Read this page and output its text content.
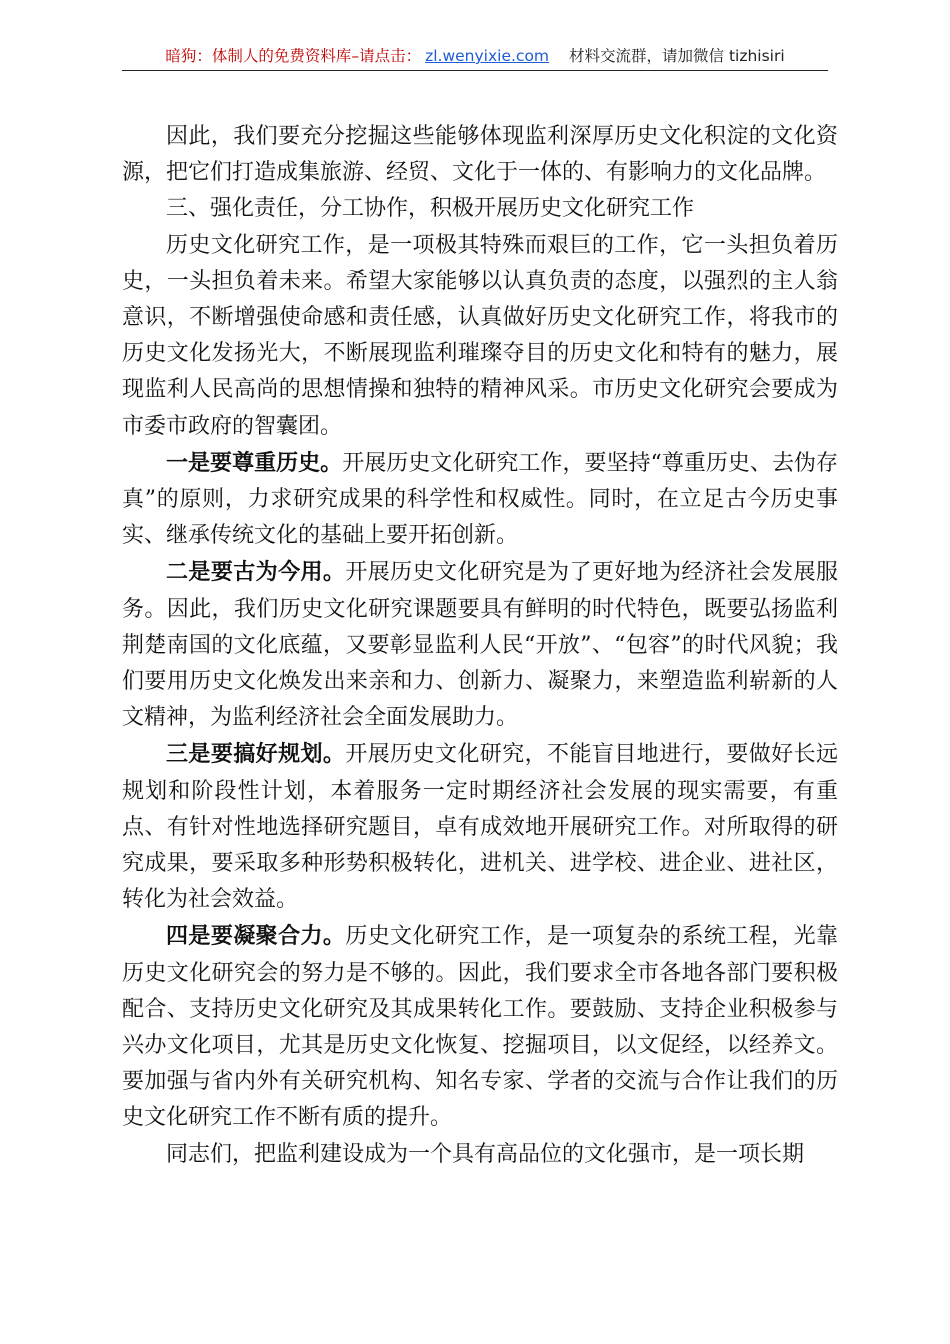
暗狗：体制人的免费资料库–请点击： zl.wenyixie.com 材料交流群，请加微信 tizhisiri

因此，我们要充分挖掘这些能够体现监利深厚历史文化积淀的文化资源，把它们打造成集旅游、经贸、文化于一体的、有影响力的文化品牌。

三、强化责任，分工协作，积极开展历史文化研究工作

历史文化研究工作，是一项极其特殊而艰巨的工作，它一头担负着历史，一头担负着未来。希望大家能够以认真负责的态度，以强烈的主人翁意识，不断增强使命感和责任感，认真做好历史文化研究工作，将我市的历史文化发扬光大，不断展现监利璀璨夺目的历史文化和特有的魅力，展现监利人民高尚的思想情操和独特的精神风采。市历史文化研究会要成为市委市政府的智囊团。

一是要尊重历史。开展历史文化研究工作，要坚持“尊重历史、去伪存真”的原则，力求研究成果的科学性和权威性。同时，在立足古今历史事实、继承传统文化的基础上要开拓创新。

二是要古为今用。开展历史文化研究是为了更好地为经济社会发展服务。因此，我们历史文化研究课题要具有鲜明的时代特色，既要弘扬监利荆楚南国的文化底蕴，又要彰显监利人民“开放”、“包容”的时代风貌；我们要用历史文化焕发出来亲和力、创新力、凝聚力，来塑造监利崭新的人文精神，为监利经济社会全面发展助力。

三是要搞好规划。开展历史文化研究，不能盲目地进行，要做好长远规划和阶段性计划，本着服务一定时期经济社会发展的现实需要，有重点、有针对性地选择研究题目，卓有成效地开展研究工作。对所取得的研究成果，要采取多种形势积极转化，进机关、进学校、进企业、进社区，转化为社会效益。

四是要凝聚合力。历史文化研究工作，是一项复杂的系统工程，光靠历史文化研究会的努力是不够的。因此，我们要求全市各地各部门要积极配合、支持历史文化研究及其成果转化工作。要鼓励、支持企业积极参与兴办文化项目，尤其是历史文化恢复、挖掘项目，以文促经，以经养文。要加强与省内外有关研究机构、知名专家、学者的交流与合作让我们的历史文化研究工作不断有质的提升。

同志们，把监利建设成为一个具有高品位的文化强市，是一项长期
